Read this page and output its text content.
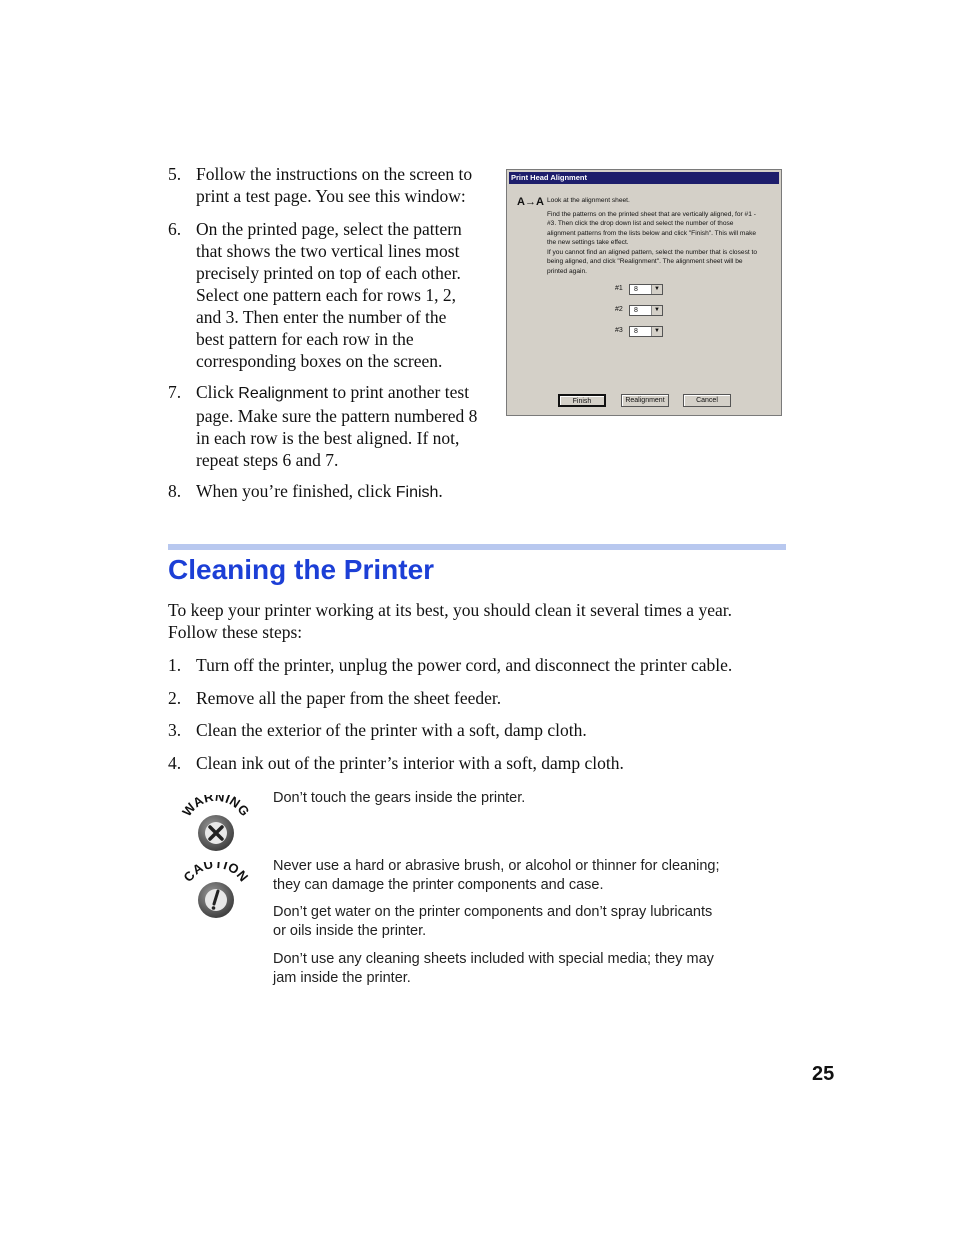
5. Follow the instructions on the screen to
print a test page. You see this window:
6. On the printed page, select the pattern
that shows the two vertical lines most
precisely printed on top of each other.
Select one pattern each for rows 1, 2,
and 3. Then enter the number of the
best pattern for each row in the
corresponding boxes on the screen.
7. Click Realignment to print another test
page. Make sure the pattern numbered 8
in each row is the best aligned. If not,
repeat steps 6 and 7.
8. When you’re finished, click Finish.
Print Head Alignment
A→A Look at the alignment sheet.
Find the patterns on the printed sheet that are vertically aligned, for #1 -
#3. Then click the drop down list and select the number of those
alignment patterns from the lists below and click "Finish". This will make
the new settings take effect.
If you cannot find an aligned pattern, select the number that is closest to
being aligned, and click "Realignment". The alignment sheet will be
printed again.
#1 8	▼
#2 8	▼
#3 8	▼
Finish	Realignment	Cancel
Cleaning the Printer
To keep your printer working at its best, you should clean it several times a year.
Follow these steps:
1. Turn off the printer, unplug the power cord, and disconnect the printer cable.
2. Remove all the paper from the sheet feeder.
3. Clean the exterior of the printer with a soft, damp cloth.
4. Clean ink out of the printer’s interior with a soft, damp cloth.
WARNING
Don’t touch the gears inside the printer.
CAUTION
Never use a hard or abrasive brush, or alcohol or thinner for cleaning;
they can damage the printer components and case.
Don’t get water on the printer components and don’t spray lubricants
or oils inside the printer.
Don’t use any cleaning sheets included with special media; they may
jam inside the printer.
25
